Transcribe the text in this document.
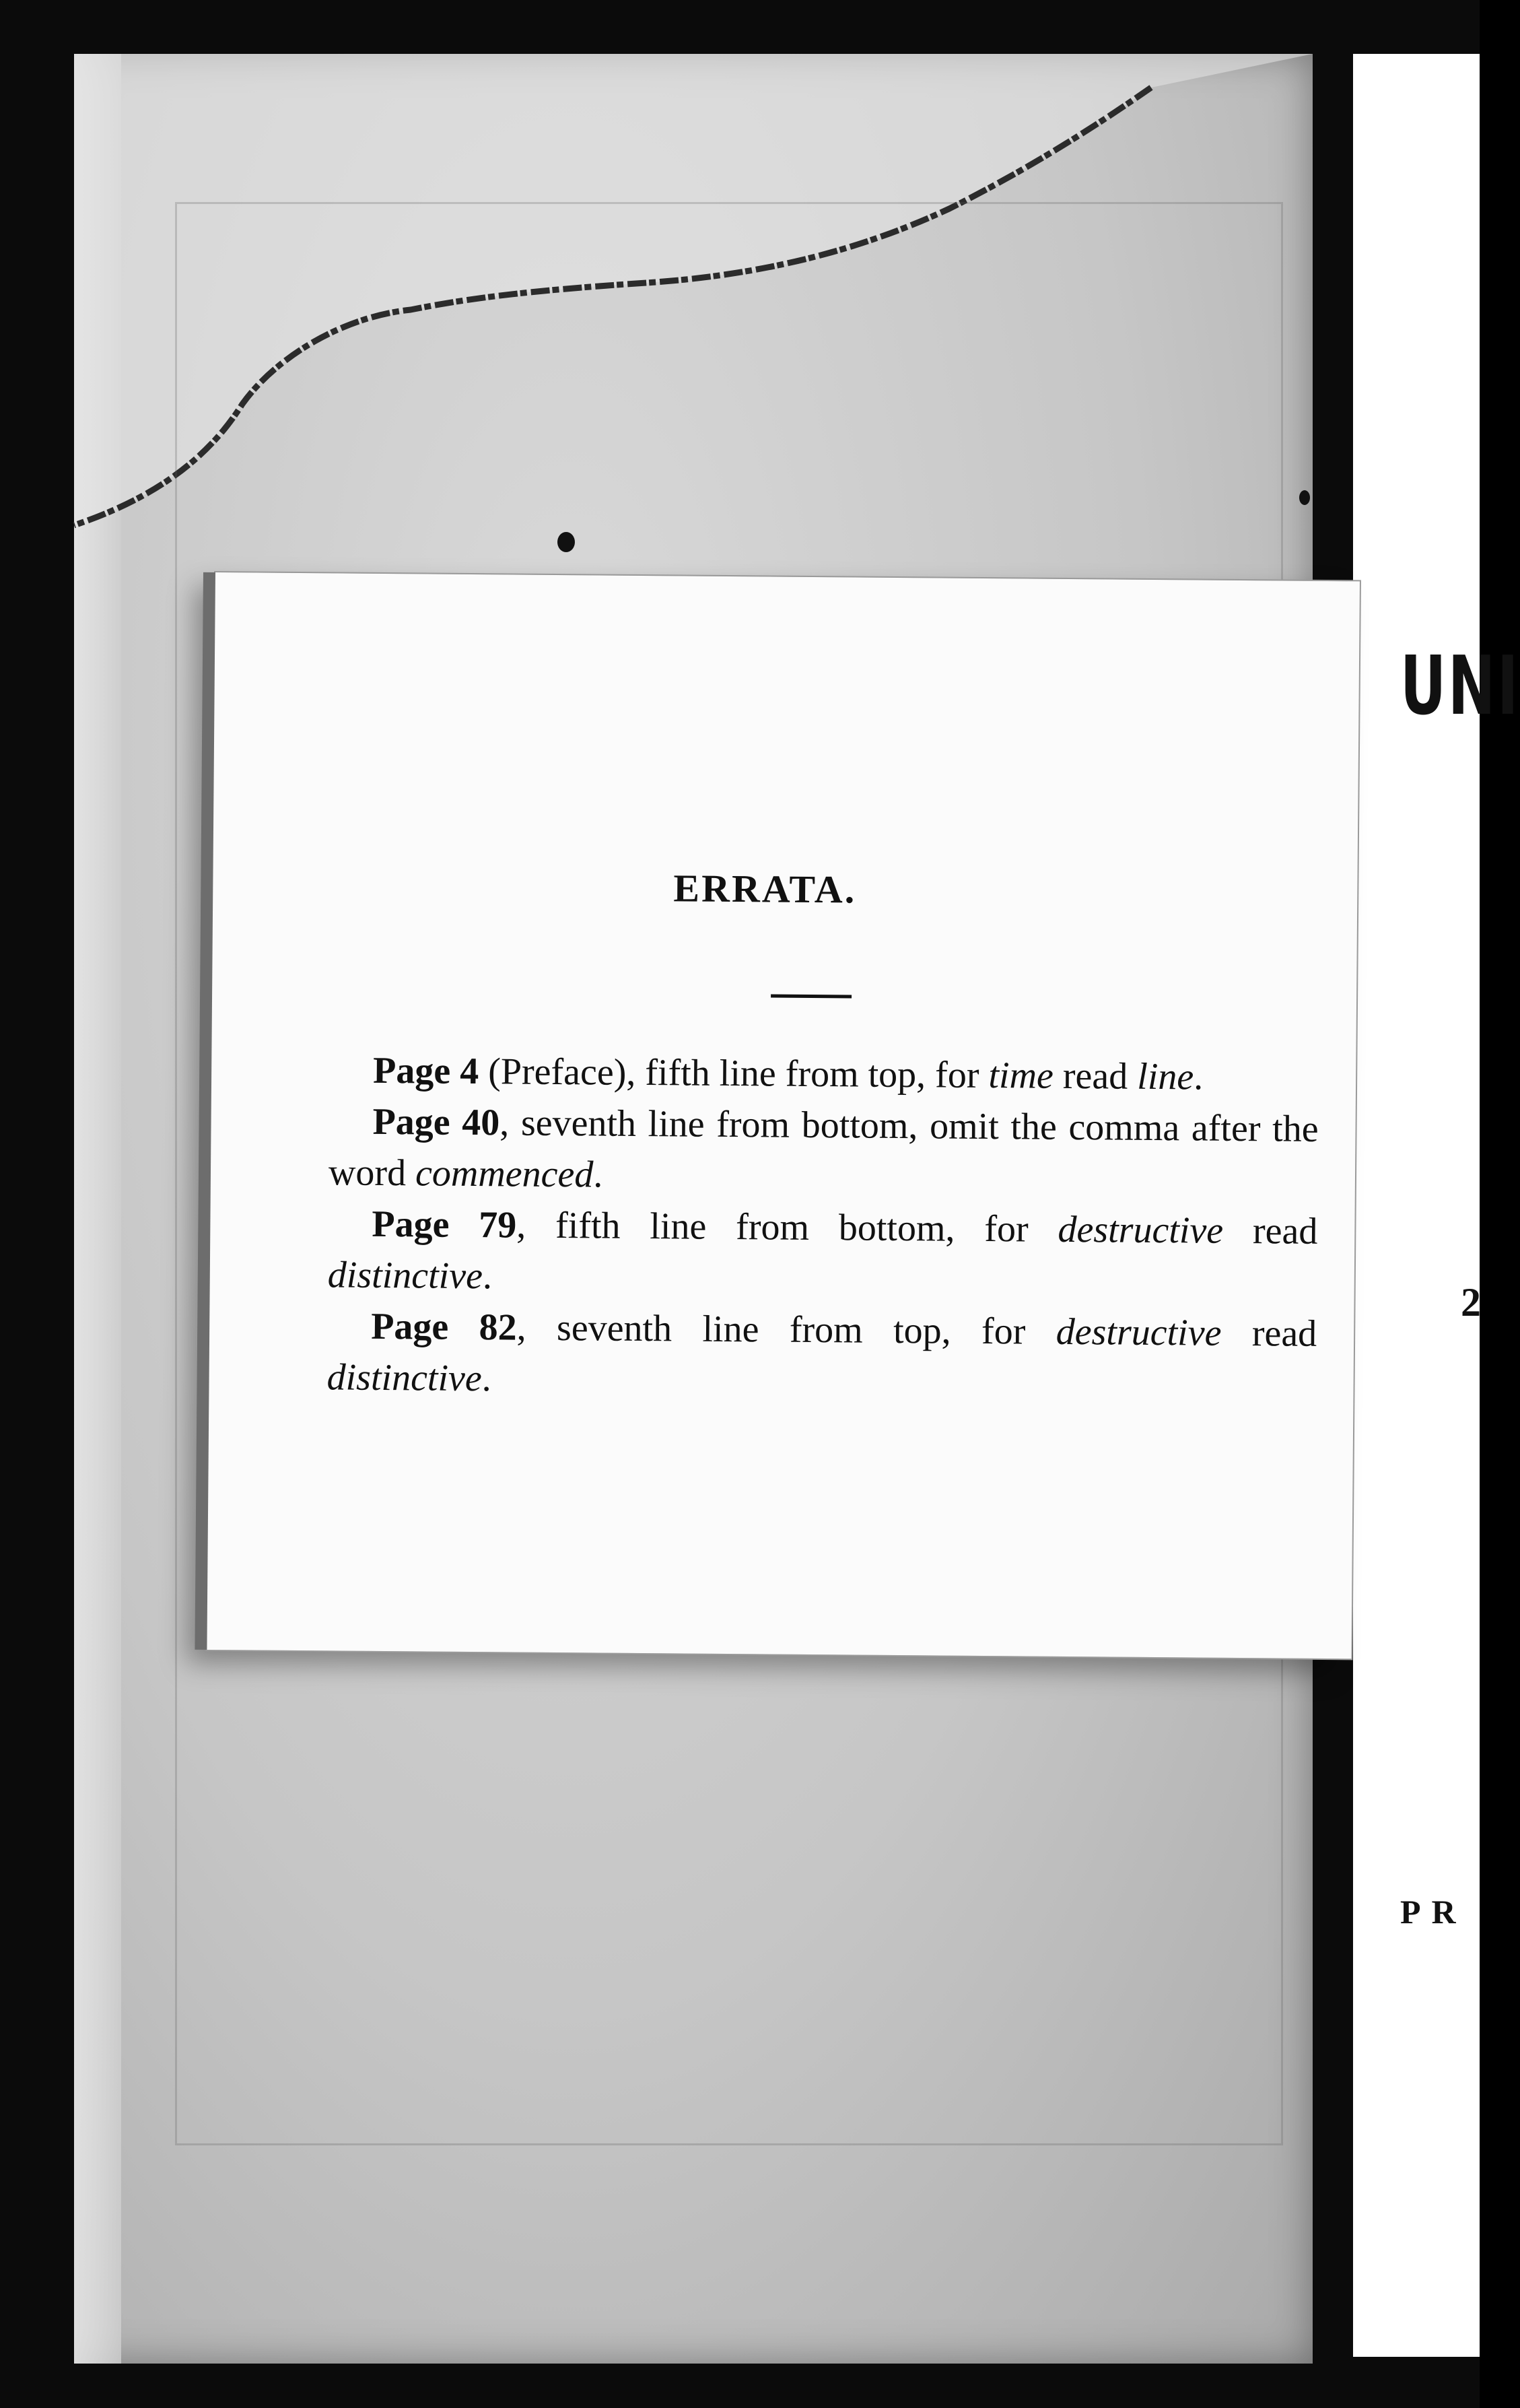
UNI
2
PR
ERRATA.
Page 4 (Preface), fifth line from top, for time read line.
Page 40, seventh line from bottom, omit the comma after the word commenced.
Page 79, fifth line from bottom, for destructive read distinctive.
Page 82, seventh line from top, for destructive read distinctive.
